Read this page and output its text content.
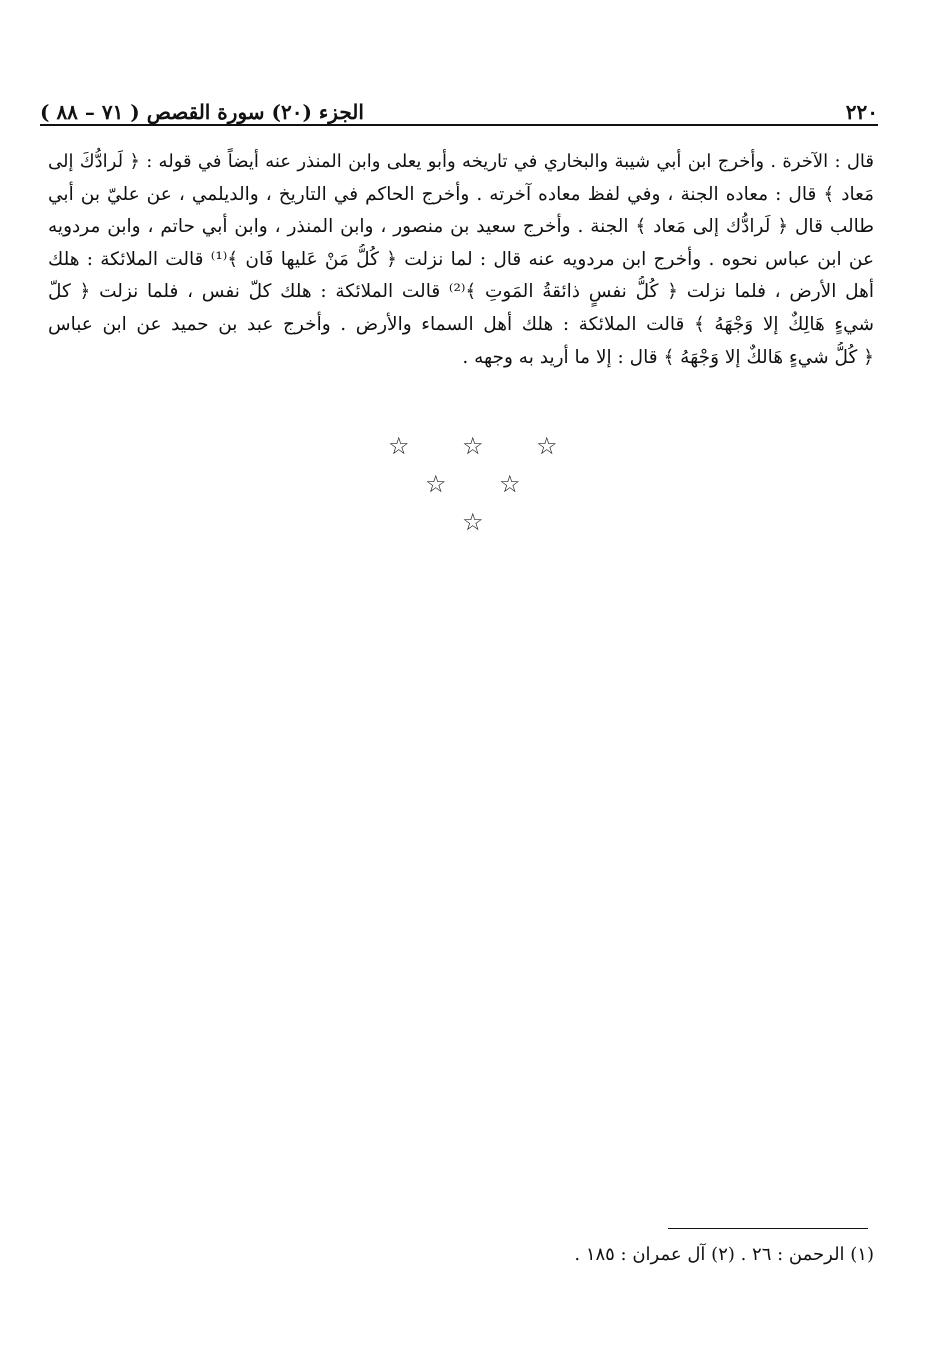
٢٢٠
الجزء (٢٠) سورة القصص ( ٧١ – ٨٨ )
قال : الآخرة . وأخرج ابن أبي شيبة والبخاري في تاريخه وأبو يعلى وابن المنذر عنه أيضاً في قوله : ﴿ لَرادُّكَ إلى
مَعاد ﴾ قال : معاده الجنة ، وفي لفظ معاده آخرته . وأخرج الحاكم في التاريخ ، والديلمي ، عن عليّ بن أبي
طالب قال ﴿ لَرادُّك إلى مَعاد ﴾ الجنة . وأخرج سعيد بن منصور ، وابن المنذر ، وابن أبي حاتم ، وابن مردويه
عن ابن عباس نحوه . وأخرج ابن مردويه عنه قال : لما نزلت ﴿ كُلُّ مَنْ عَليها فَان ﴾⁽¹⁾ قالت الملائكة : هلك
أهل الأرض ، فلما نزلت ﴿ كُلُّ نفسٍ ذائقةُ المَوتِ ﴾⁽²⁾ قالت الملائكة : هلك كلّ نفس ، فلما نزلت ﴿ كلّ
شيءٍ هَالِكٌ إلا وَجْهَهُ ﴾ قالت الملائكة : هلك أهل السماء والأرض . وأخرج عبد بن حميد عن ابن عباس
﴿ كُلُّ شيءٍ هَالكٌ إلا وَجْهَهُ ﴾ قال : إلا ما أريد به وجهه .
☆ ☆ ☆
☆ ☆
☆
(١) الرحمن : ٢٦ . (٢) آل عمران : ١٨٥ .
